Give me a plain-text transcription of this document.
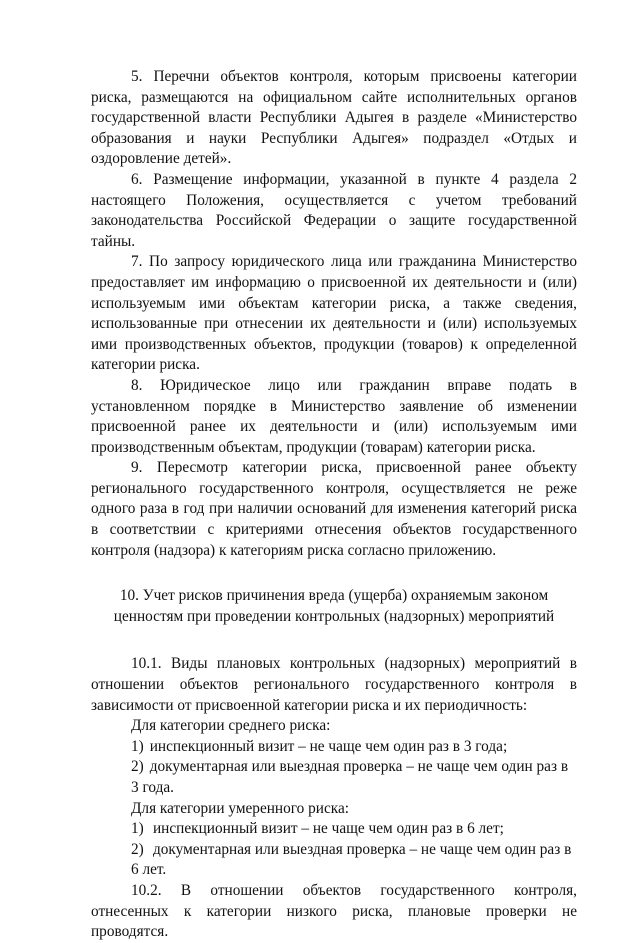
5. Перечни объектов контроля, которым присвоены категории риска, размещаются на официальном сайте исполнительных органов государственной власти Республики Адыгея в разделе «Министерство образования и науки Республики Адыгея» подраздел «Отдых и оздоровление детей».

6. Размещение информации, указанной в пункте 4 раздела 2 настоящего Положения, осуществляется с учетом требований законодательства Российской Федерации о защите государственной тайны.

7. По запросу юридического лица или гражданина Министерство предоставляет им информацию о присвоенной их деятельности и (или) используемым ими объектам категории риска, а также сведения, использованные при отнесении их деятельности и (или) используемых ими производственных объектов, продукции (товаров) к определенной категории риска.

8. Юридическое лицо или гражданин вправе подать в установленном порядке в Министерство заявление об изменении присвоенной ранее их деятельности и (или) используемым ими производственным объектам, продукции (товарам) категории риска.

9. Пересмотр категории риска, присвоенной ранее объекту регионального государственного контроля, осуществляется не реже одного раза в год при наличии оснований для изменения категорий риска в соответствии с критериями отнесения объектов государственного контроля (надзора) к категориям риска согласно приложению.

10. Учет рисков причинения вреда (ущерба) охраняемым законом ценностям при проведении контрольных (надзорных) мероприятий

10.1. Виды плановых контрольных (надзорных) мероприятий в отношении объектов регионального государственного контроля в зависимости от присвоенной категории риска и их периодичность:

Для категории среднего риска:

1) инспекционный визит – не чаще чем один раз в 3 года;

2) документарная или выездная проверка – не чаще чем один раз в 3 года.

Для категории умеренного риска:

1) инспекционный визит – не чаще чем один раз в 6 лет;

2) документарная или выездная проверка – не чаще чем один раз в 6 лет.

10.2. В отношении объектов государственного контроля, отнесенных к категории низкого риска, плановые проверки не проводятся.
